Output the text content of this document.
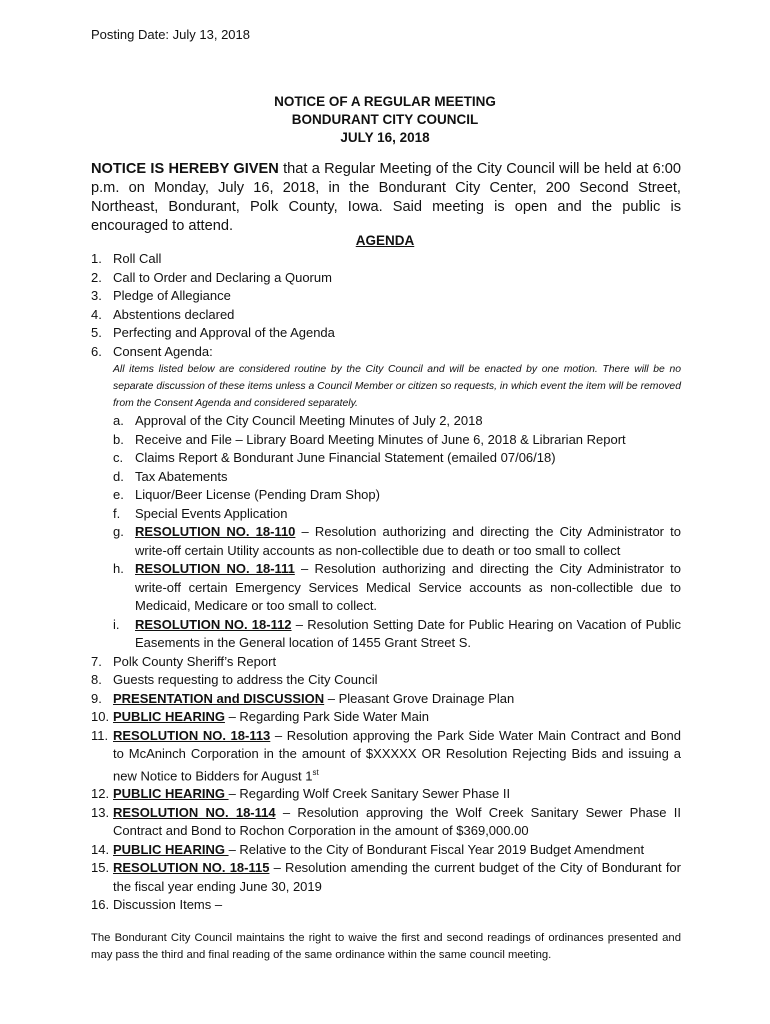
Posting Date: July 13, 2018
NOTICE OF A REGULAR MEETING
BONDURANT CITY COUNCIL
JULY 16, 2018
NOTICE IS HEREBY GIVEN that a Regular Meeting of the City Council will be held at 6:00 p.m. on Monday, July 16, 2018, in the Bondurant City Center, 200 Second Street, Northeast, Bondurant, Polk County, Iowa. Said meeting is open and the public is encouraged to attend.
AGENDA
1. Roll Call
2. Call to Order and Declaring a Quorum
3. Pledge of Allegiance
4. Abstentions declared
5. Perfecting and Approval of the Agenda
6. Consent Agenda:
All items listed below are considered routine by the City Council and will be enacted by one motion. There will be no separate discussion of these items unless a Council Member or citizen so requests, in which event the item will be removed from the Consent Agenda and considered separately.
a. Approval of the City Council Meeting Minutes of July 2, 2018
b. Receive and File – Library Board Meeting Minutes of June 6, 2018 & Librarian Report
c. Claims Report & Bondurant June Financial Statement (emailed 07/06/18)
d. Tax Abatements
e. Liquor/Beer License (Pending Dram Shop)
f.	Special Events Application
g. RESOLUTION NO. 18-110 – Resolution authorizing and directing the City Administrator to write-off certain Utility accounts as non-collectible due to death or too small to collect
h. RESOLUTION NO. 18-111 – Resolution authorizing and directing the City Administrator to write-off certain Emergency Services Medical Service accounts as non-collectible due to Medicaid, Medicare or too small to collect.
i.	RESOLUTION NO. 18-112 – Resolution Setting Date for Public Hearing on Vacation of Public Easements in the General location of 1455 Grant Street S.
7. Polk County Sheriff’s Report
8. Guests requesting to address the City Council
9. PRESENTATION and DISCUSSION – Pleasant Grove Drainage Plan
10. PUBLIC HEARING – Regarding Park Side Water Main
11. RESOLUTION NO. 18-113 – Resolution approving the Park Side Water Main Contract and Bond to McAninch Corporation in the amount of $XXXXX OR Resolution Rejecting Bids and issuing a new Notice to Bidders for August 1st
12. PUBLIC HEARING – Regarding Wolf Creek Sanitary Sewer Phase II
13. RESOLUTION NO. 18-114 – Resolution approving the Wolf Creek Sanitary Sewer Phase II Contract and Bond to Rochon Corporation in the amount of $369,000.00
14. PUBLIC HEARING – Relative to the City of Bondurant Fiscal Year 2019 Budget Amendment
15. RESOLUTION NO. 18-115 – Resolution amending the current budget of the City of Bondurant for the fiscal year ending June 30, 2019
16. Discussion Items –
The Bondurant City Council maintains the right to waive the first and second readings of ordinances presented and may pass the third and final reading of the same ordinance within the same council meeting.
